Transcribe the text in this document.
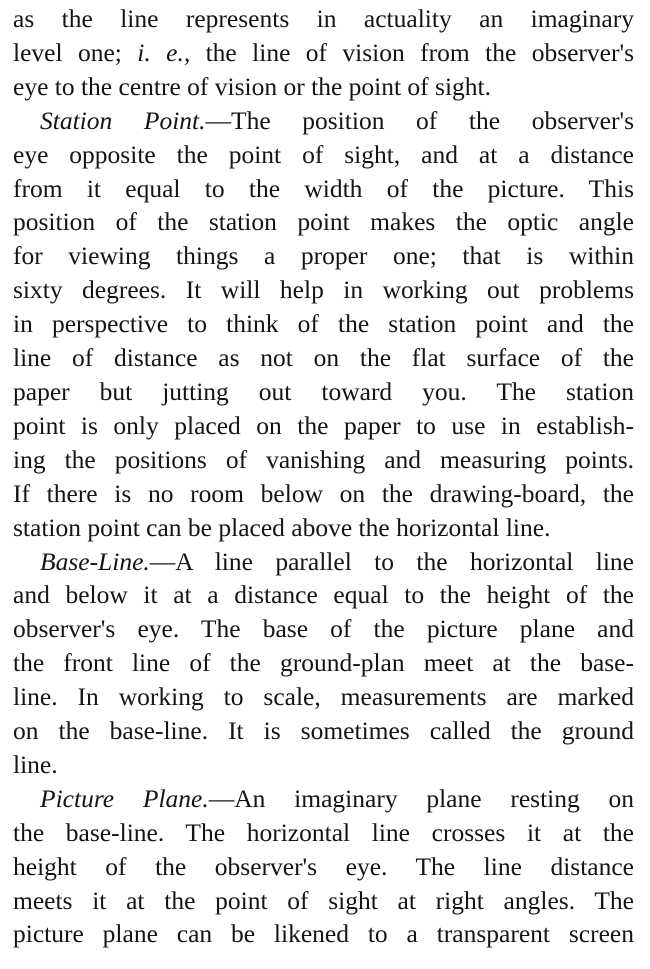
as the line represents in actuality an imaginary
level one; i. e., the line of vision from the observer's
eye to the centre of vision or the point of sight.
Station Point.—The position of the observer's
eye opposite the point of sight, and at a distance
from it equal to the width of the picture. This
position of the station point makes the optic angle
for viewing things a proper one; that is within
sixty degrees. It will help in working out problems
in perspective to think of the station point and the
line of distance as not on the flat surface of the
paper but jutting out toward you. The station
point is only placed on the paper to use in establish-
ing the positions of vanishing and measuring points.
If there is no room below on the drawing-board, the
station point can be placed above the horizontal line.
Base-Line.—A line parallel to the horizontal line
and below it at a distance equal to the height of the
observer's eye. The base of the picture plane and
the front line of the ground-plan meet at the base-
line. In working to scale, measurements are marked
on the base-line. It is sometimes called the ground
line.
Picture Plane.—An imaginary plane resting on
the base-line. The horizontal line crosses it at the
height of the observer's eye. The line distance
meets it at the point of sight at right angles. The
picture plane can be likened to a transparent screen
